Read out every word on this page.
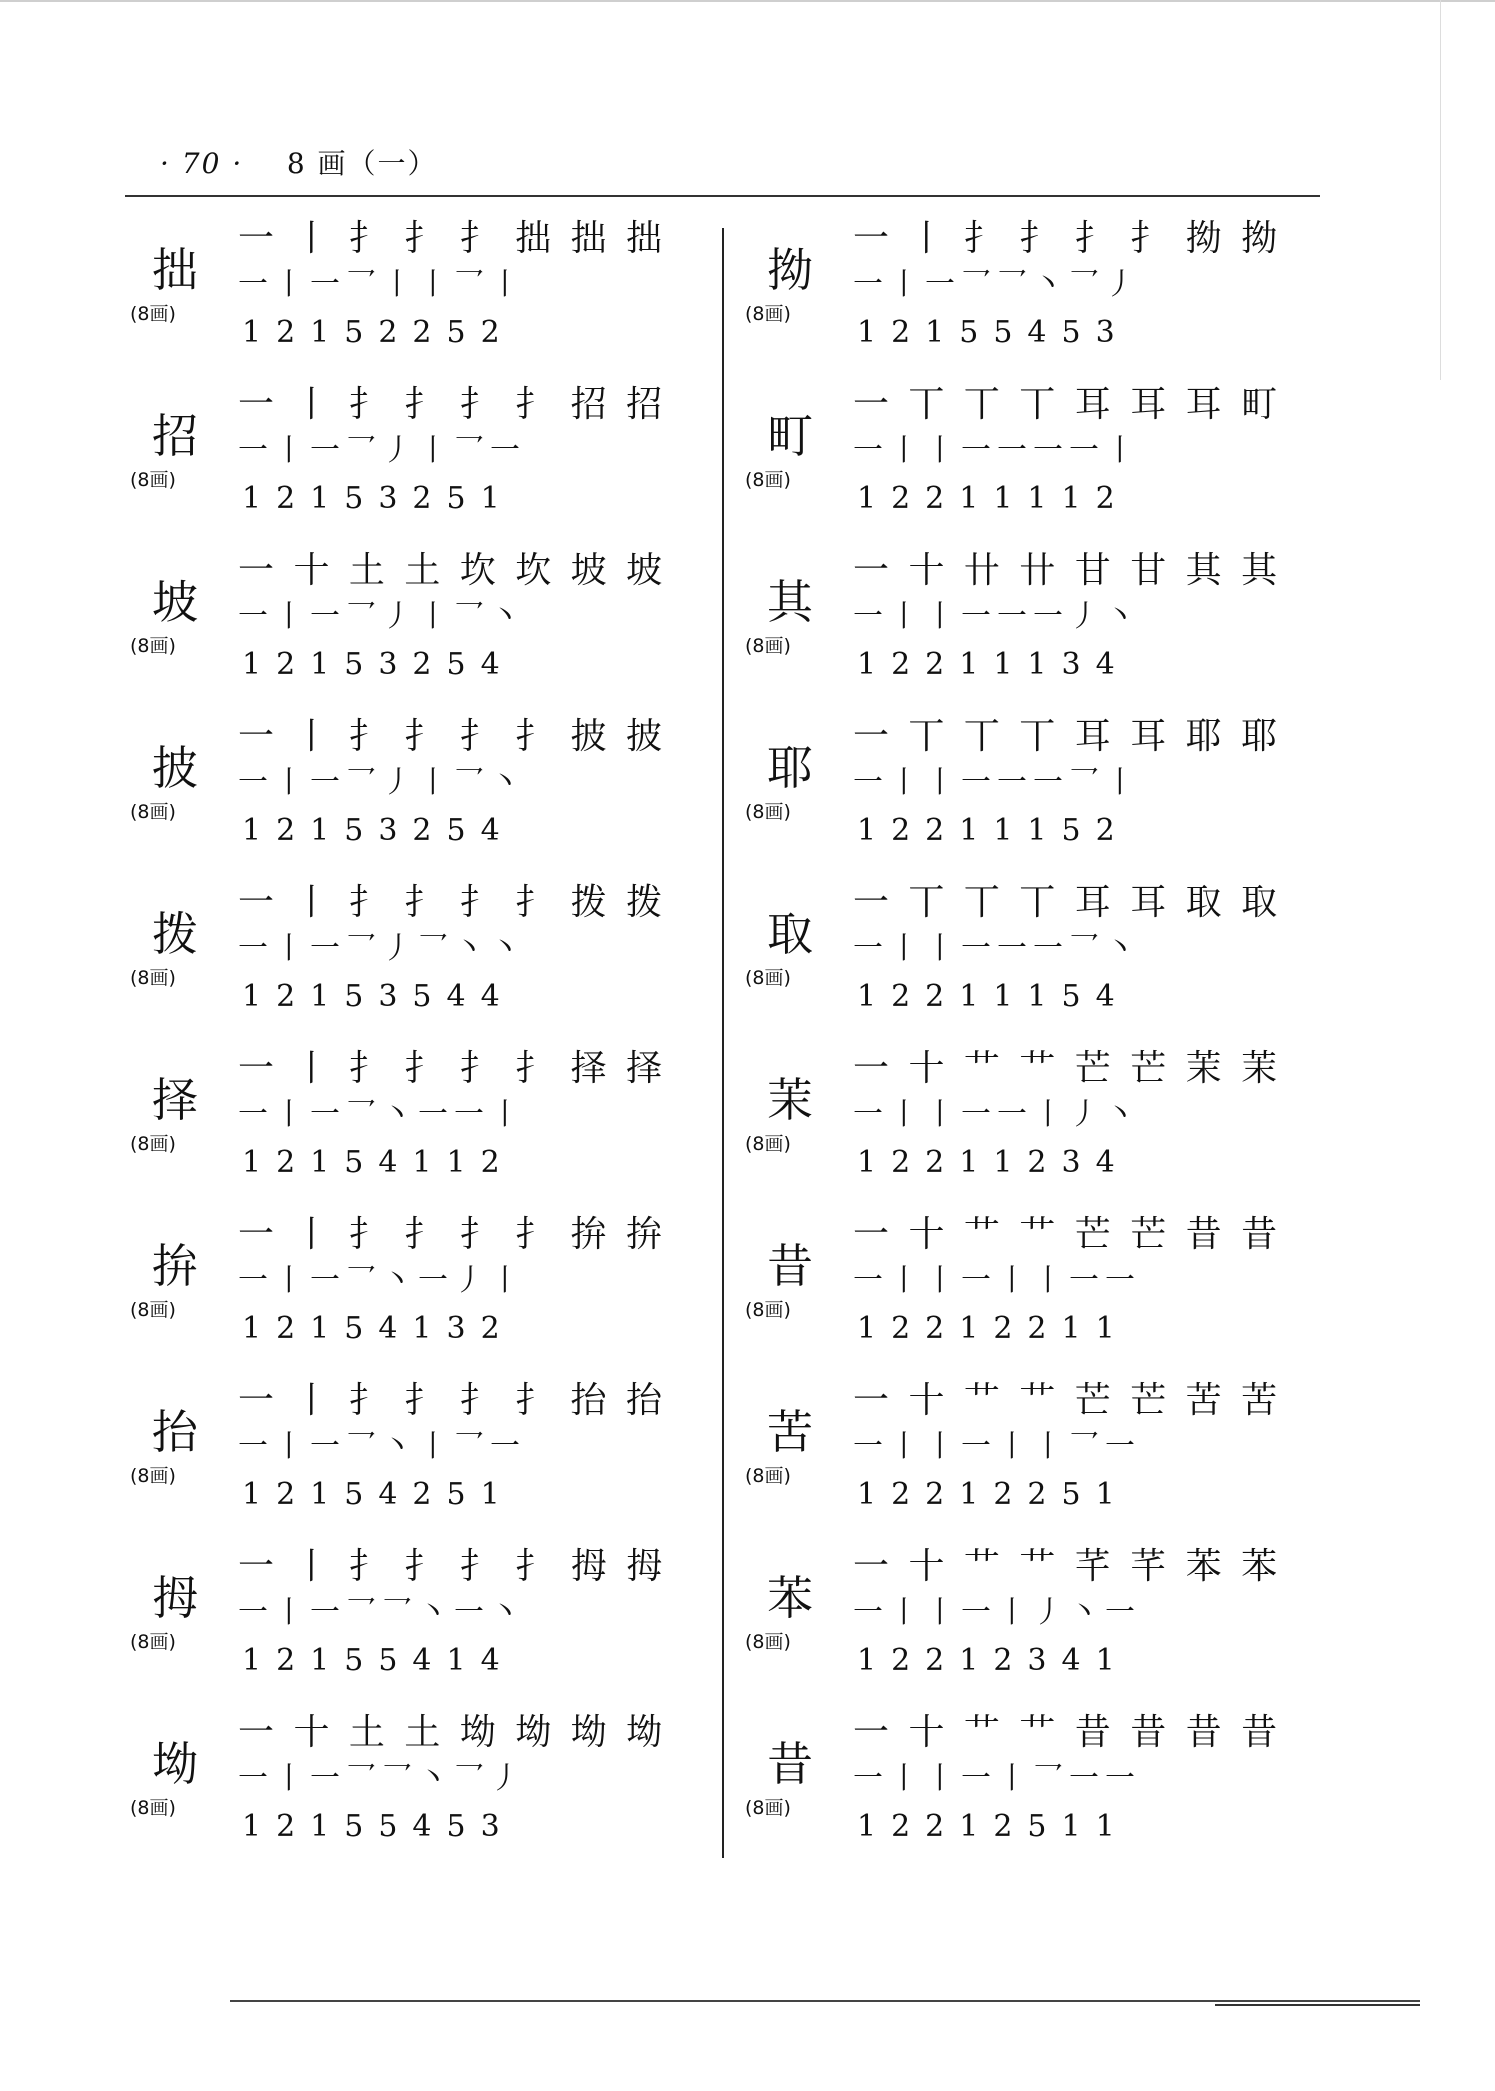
· 70 · 8 画（一）
一 丨 扌 扌 扌 拙 拙 拙
拙 一丨一乛丨丨乛丨
(8画)
12152252
一 丨 扌 扌 扌 扌 招 招
招 一丨一乛丿丨乛一
(8画)
12153251
一 十 土 土 坎 坎 坡 坡
坡 一丨一乛丿丨乛丶
(8画)
12153254
一 丨 扌 扌 扌 扌 披 披
披 一丨一乛丿丨乛丶
(8画)
12153254
一 丨 扌 扌 扌 扌 拨 拨
拨 一丨一乛丿乛丶丶
(8画)
12153544
一 丨 扌 扌 扌 扌 择 择
择 一丨一乛丶一一丨
(8画)
12154112
一 丨 扌 扌 扌 扌 拚 拚
拚 一丨一乛丶一丿丨
(8画)
12154132
一 丨 扌 扌 扌 扌 抬 抬
抬 一丨一乛丶丨乛一
(8画)
12154251
一 丨 扌 扌 扌 扌 拇 拇
拇 一丨一乛乛丶一丶
(8画)
12155414
一 十 土 土 坳 坳 坳 坳
坳 一丨一乛乛丶乛丿
(8画)
12155453
一 丨 扌 扌 扌 扌 拗 拗
拗 一丨一乛乛丶乛丿
(8画)
12155453
一 丅 丅 丅 耳 耳 耳 町
町 一丨丨一一一一丨
(8画)
12211112
一 十 卄 卄 甘 甘 其 其
其 一丨丨一一一丿丶
(8画)
12211134
一 丅 丅 丅 耳 耳 耶 耶
耶 一丨丨一一一乛丨
(8画)
12211152
一 丅 丅 丅 耳 耳 取 取
取 一丨丨一一一乛丶
(8画)
12211154
一 十 艹 艹 芒 芒 茉 茉
茉 一丨丨一一丨丿丶
(8画)
12211234
一 十 艹 艹 芒 芒 昔 昔
昔 一丨丨一丨丨一一
(8画)
12212211
一 十 艹 艹 芒 芒 苦 苦
苦 一丨丨一丨丨乛一
(8画)
12212251
一 十 艹 艹 芊 芊 苯 苯
苯 一丨丨一丨丿丶一
(8画)
12212341
一 十 艹 艹 昔 昔 昔 昔
昔 一丨丨一丨乛一一
(8画)
12212511
